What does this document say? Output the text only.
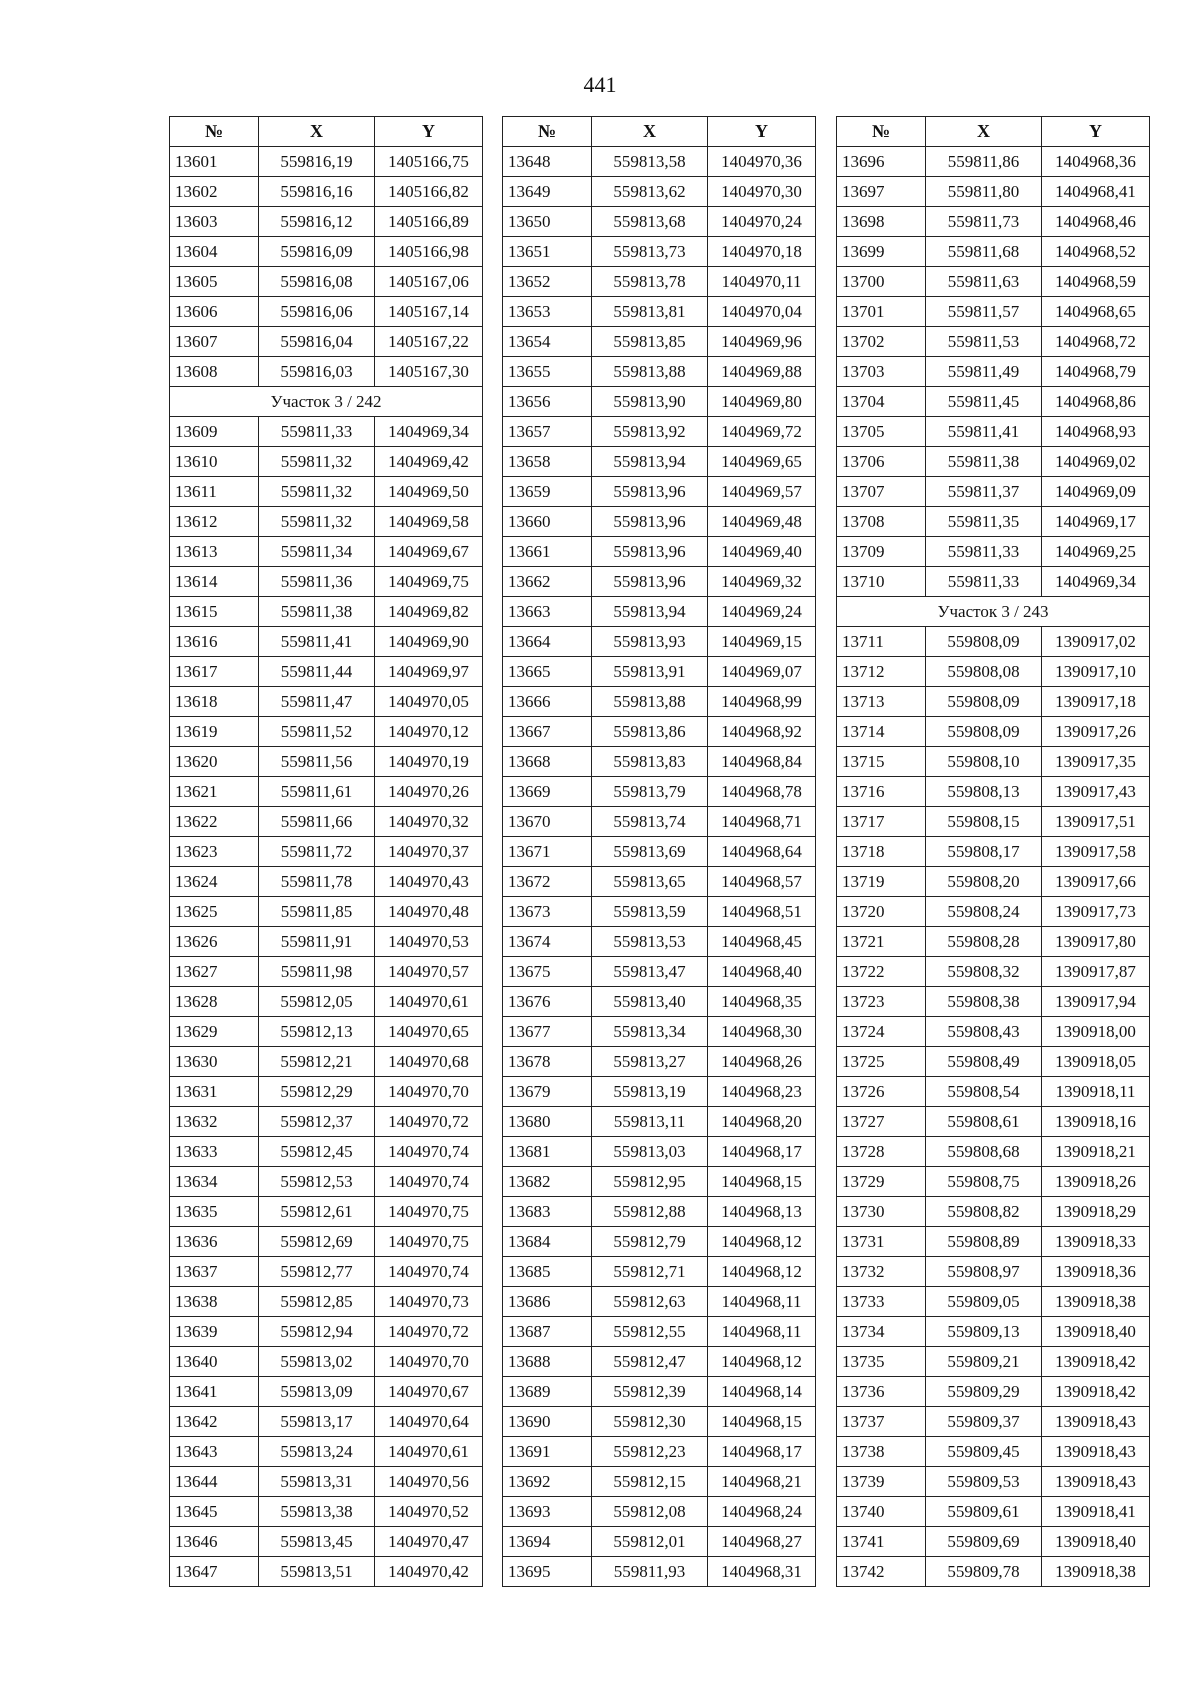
441
№	X	Y
13601	559816,19	1405166,75
13602	559816,16	1405166,82
13603	559816,12	1405166,89
13604	559816,09	1405166,98
13605	559816,08	1405167,06
13606	559816,06	1405167,14
13607	559816,04	1405167,22
13608	559816,03	1405167,30
Участок 3 / 242		
13609	559811,33	1404969,34
13610	559811,32	1404969,42
13611	559811,32	1404969,50
13612	559811,32	1404969,58
13613	559811,34	1404969,67
13614	559811,36	1404969,75
13615	559811,38	1404969,82
13616	559811,41	1404969,90
13617	559811,44	1404969,97
13618	559811,47	1404970,05
13619	559811,52	1404970,12
13620	559811,56	1404970,19
13621	559811,61	1404970,26
13622	559811,66	1404970,32
13623	559811,72	1404970,37
13624	559811,78	1404970,43
13625	559811,85	1404970,48
13626	559811,91	1404970,53
13627	559811,98	1404970,57
13628	559812,05	1404970,61
13629	559812,13	1404970,65
13630	559812,21	1404970,68
13631	559812,29	1404970,70
13632	559812,37	1404970,72
13633	559812,45	1404970,74
13634	559812,53	1404970,74
13635	559812,61	1404970,75
13636	559812,69	1404970,75
13637	559812,77	1404970,74
13638	559812,85	1404970,73
13639	559812,94	1404970,72
13640	559813,02	1404970,70
13641	559813,09	1404970,67
13642	559813,17	1404970,64
13643	559813,24	1404970,61
13644	559813,31	1404970,56
13645	559813,38	1404970,52
13646	559813,45	1404970,47
13647	559813,51	1404970,42
№	X	Y
13648	559813,58	1404970,36
13649	559813,62	1404970,30
13650	559813,68	1404970,24
13651	559813,73	1404970,18
13652	559813,78	1404970,11
13653	559813,81	1404970,04
13654	559813,85	1404969,96
13655	559813,88	1404969,88
13656	559813,90	1404969,80
13657	559813,92	1404969,72
13658	559813,94	1404969,65
13659	559813,96	1404969,57
13660	559813,96	1404969,48
13661	559813,96	1404969,40
13662	559813,96	1404969,32
13663	559813,94	1404969,24
13664	559813,93	1404969,15
13665	559813,91	1404969,07
13666	559813,88	1404968,99
13667	559813,86	1404968,92
13668	559813,83	1404968,84
13669	559813,79	1404968,78
13670	559813,74	1404968,71
13671	559813,69	1404968,64
13672	559813,65	1404968,57
13673	559813,59	1404968,51
13674	559813,53	1404968,45
13675	559813,47	1404968,40
13676	559813,40	1404968,35
13677	559813,34	1404968,30
13678	559813,27	1404968,26
13679	559813,19	1404968,23
13680	559813,11	1404968,20
13681	559813,03	1404968,17
13682	559812,95	1404968,15
13683	559812,88	1404968,13
13684	559812,79	1404968,12
13685	559812,71	1404968,12
13686	559812,63	1404968,11
13687	559812,55	1404968,11
13688	559812,47	1404968,12
13689	559812,39	1404968,14
13690	559812,30	1404968,15
13691	559812,23	1404968,17
13692	559812,15	1404968,21
13693	559812,08	1404968,24
13694	559812,01	1404968,27
13695	559811,93	1404968,31
№	X	Y
13696	559811,86	1404968,36
13697	559811,80	1404968,41
13698	559811,73	1404968,46
13699	559811,68	1404968,52
13700	559811,63	1404968,59
13701	559811,57	1404968,65
13702	559811,53	1404968,72
13703	559811,49	1404968,79
13704	559811,45	1404968,86
13705	559811,41	1404968,93
13706	559811,38	1404969,02
13707	559811,37	1404969,09
13708	559811,35	1404969,17
13709	559811,33	1404969,25
13710	559811,33	1404969,34
Участок 3 / 243		
13711	559808,09	1390917,02
13712	559808,08	1390917,10
13713	559808,09	1390917,18
13714	559808,09	1390917,26
13715	559808,10	1390917,35
13716	559808,13	1390917,43
13717	559808,15	1390917,51
13718	559808,17	1390917,58
13719	559808,20	1390917,66
13720	559808,24	1390917,73
13721	559808,28	1390917,80
13722	559808,32	1390917,87
13723	559808,38	1390917,94
13724	559808,43	1390918,00
13725	559808,49	1390918,05
13726	559808,54	1390918,11
13727	559808,61	1390918,16
13728	559808,68	1390918,21
13729	559808,75	1390918,26
13730	559808,82	1390918,29
13731	559808,89	1390918,33
13732	559808,97	1390918,36
13733	559809,05	1390918,38
13734	559809,13	1390918,40
13735	559809,21	1390918,42
13736	559809,29	1390918,42
13737	559809,37	1390918,43
13738	559809,45	1390918,43
13739	559809,53	1390918,43
13740	559809,61	1390918,41
13741	559809,69	1390918,40
13742	559809,78	1390918,38
